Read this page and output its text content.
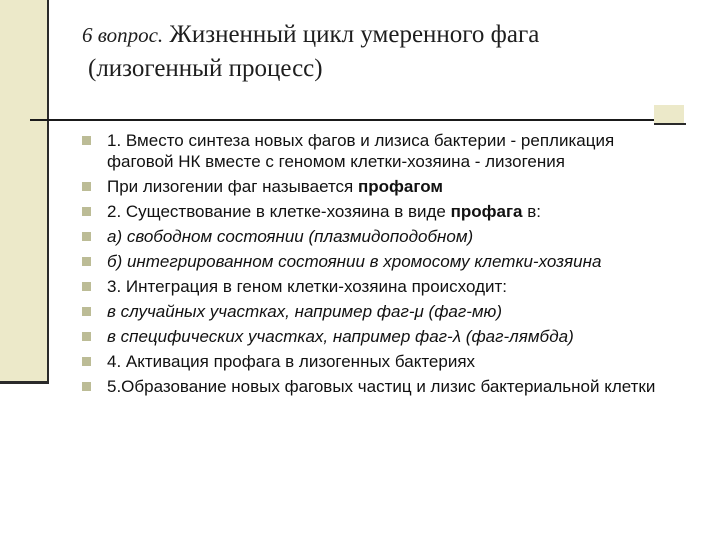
6 вопрос. Жизненный цикл умеренного фага
(лизогенный процесс)
1. Вместо синтеза новых фагов и лизиса бактерии - репликация фаговой НК вместе с геномом клетки-хозяина - лизогения
При лизогении фаг называется профагом
2. Существование в клетке-хозяина в виде профага в:
а) свободном состоянии (плазмидоподобном)
б) интегрированном состоянии в хромосому клетки-хозяина
3. Интеграция в геном клетки-хозяина происходит:
в случайных участках, например фаг-μ (фаг-мю)
в специфических участках, например фаг-λ (фаг-лямбда)
4. Активация профага в лизогенных бактериях
5.Образование новых фаговых частиц и лизис бактериальной клетки
